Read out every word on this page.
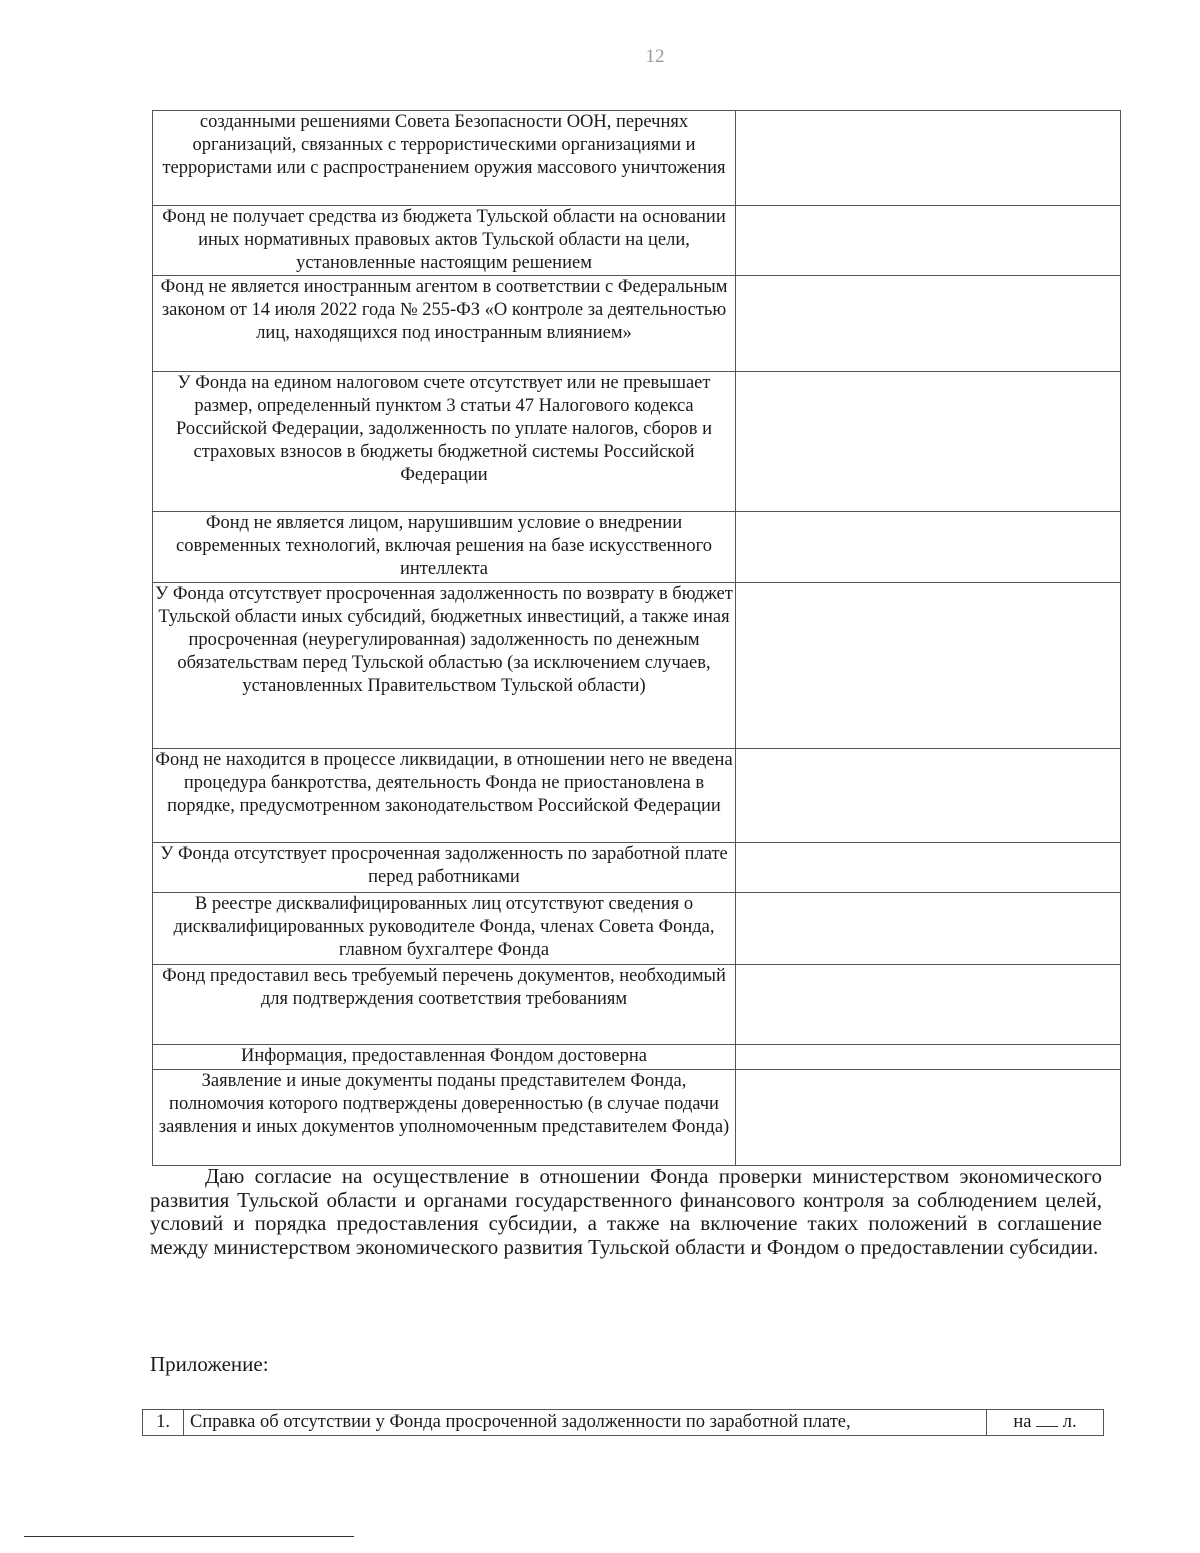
12
созданными решениями Совета Безопасности ООН, перечнях организаций, связанных с террористическими организациями и террористами или с распространением оружия массового уничтожения	
Фонд не получает средства из бюджета Тульской области на основании иных нормативных правовых актов Тульской области на цели, установленные настоящим решением	
Фонд не является иностранным агентом в соответствии с Федеральным законом от 14 июля 2022 года № 255-ФЗ «О контроле за деятельностью лиц, находящихся под иностранным влиянием»	
У Фонда на едином налоговом счете отсутствует или не превышает размер, определенный пунктом 3 статьи 47 Налогового кодекса Российской Федерации, задолженность по уплате налогов, сборов и страховых взносов в бюджеты бюджетной системы Российской Федерации	
Фонд не является лицом, нарушившим условие о внедрении современных технологий, включая решения на базе искусственного интеллекта	
У Фонда отсутствует просроченная задолженность по возврату в бюджет Тульской области иных субсидий, бюджетных инвестиций, а также иная просроченная (неурегулированная) задолженность по денежным обязательствам перед Тульской областью (за исключением случаев, установленных Правительством Тульской области)	
Фонд не находится в процессе ликвидации, в отношении него не введена процедура банкротства, деятельность Фонда не приостановлена в порядке, предусмотренном законодательством Российской Федерации	
У Фонда отсутствует просроченная задолженность по заработной плате перед работниками	
В реестре дисквалифицированных лиц отсутствуют сведения о дисквалифицированных руководителе Фонда, членах Совета Фонда, главном бухгалтере Фонда	
Фонд предоставил весь требуемый перечень документов, необходимый для подтверждения соответствия требованиям	
Информация, предоставленная Фондом достоверна	
Заявление и иные документы поданы представителем Фонда, полномочия которого подтверждены доверенностью (в случае подачи заявления и иных документов уполномоченным представителем Фонда)	

Даю согласие на осуществление в отношении Фонда проверки министерством экономического развития Тульской области и органами государственного финансового контроля за соблюдением целей, условий и порядка предоставления субсидии, а также на включение таких положений в соглашение между министерством экономического развития Тульской области и Фондом о предоставлении субсидии.

Приложение:

1.	Справка об отсутствии у Фонда просроченной задолженности по заработной плате,	на л.
